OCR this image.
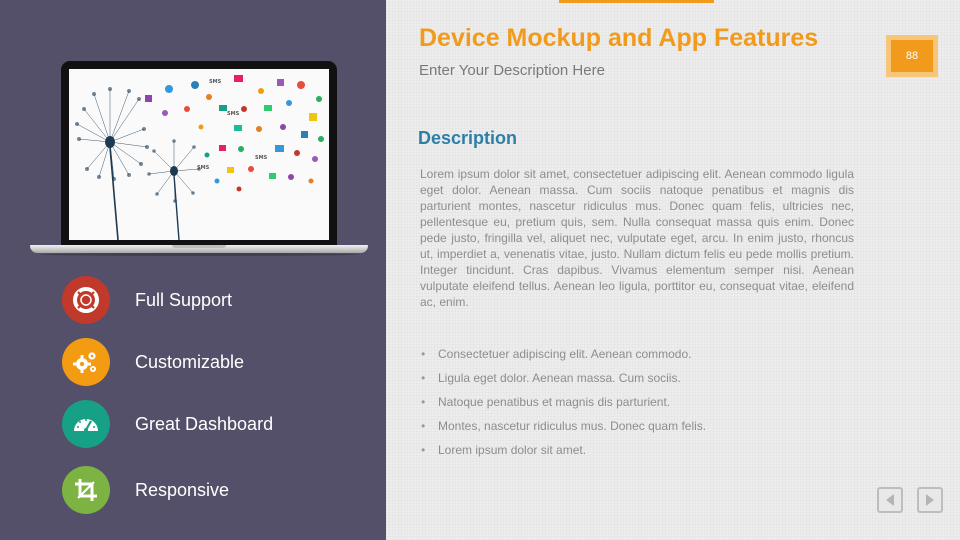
SMS
SMS
SMS
SMS
Full Support
Customizable
Great Dashboard
Responsive
Device Mockup and App Features
Enter Your Description Here
88
Description

Lorem ipsum dolor sit amet, consectetuer adipiscing elit. Aenean commodo ligula eget dolor. Aenean massa. Cum sociis natoque penatibus et magnis dis parturient montes, nascetur ridiculus mus. Donec quam felis, ultricies nec, pellentesque eu, pretium quis, sem. Nulla consequat massa quis enim. Donec pede justo, fringilla vel, aliquet nec, vulputate eget, arcu. In enim justo, rhoncus ut, imperdiet a, venenatis vitae, justo. Nullam dictum felis eu pede mollis pretium. Integer tincidunt. Cras dapibus. Vivamus elementum semper nisi. Aenean vulputate eleifend tellus. Aenean leo ligula, porttitor eu, consequat vitae, eleifend ac, enim.

• Consectetuer adipiscing elit. Aenean commodo.
• Ligula eget dolor. Aenean massa. Cum sociis.
• Natoque penatibus et magnis dis parturient.
• Montes, nascetur ridiculus mus. Donec quam felis.
• Lorem ipsum dolor sit amet.
